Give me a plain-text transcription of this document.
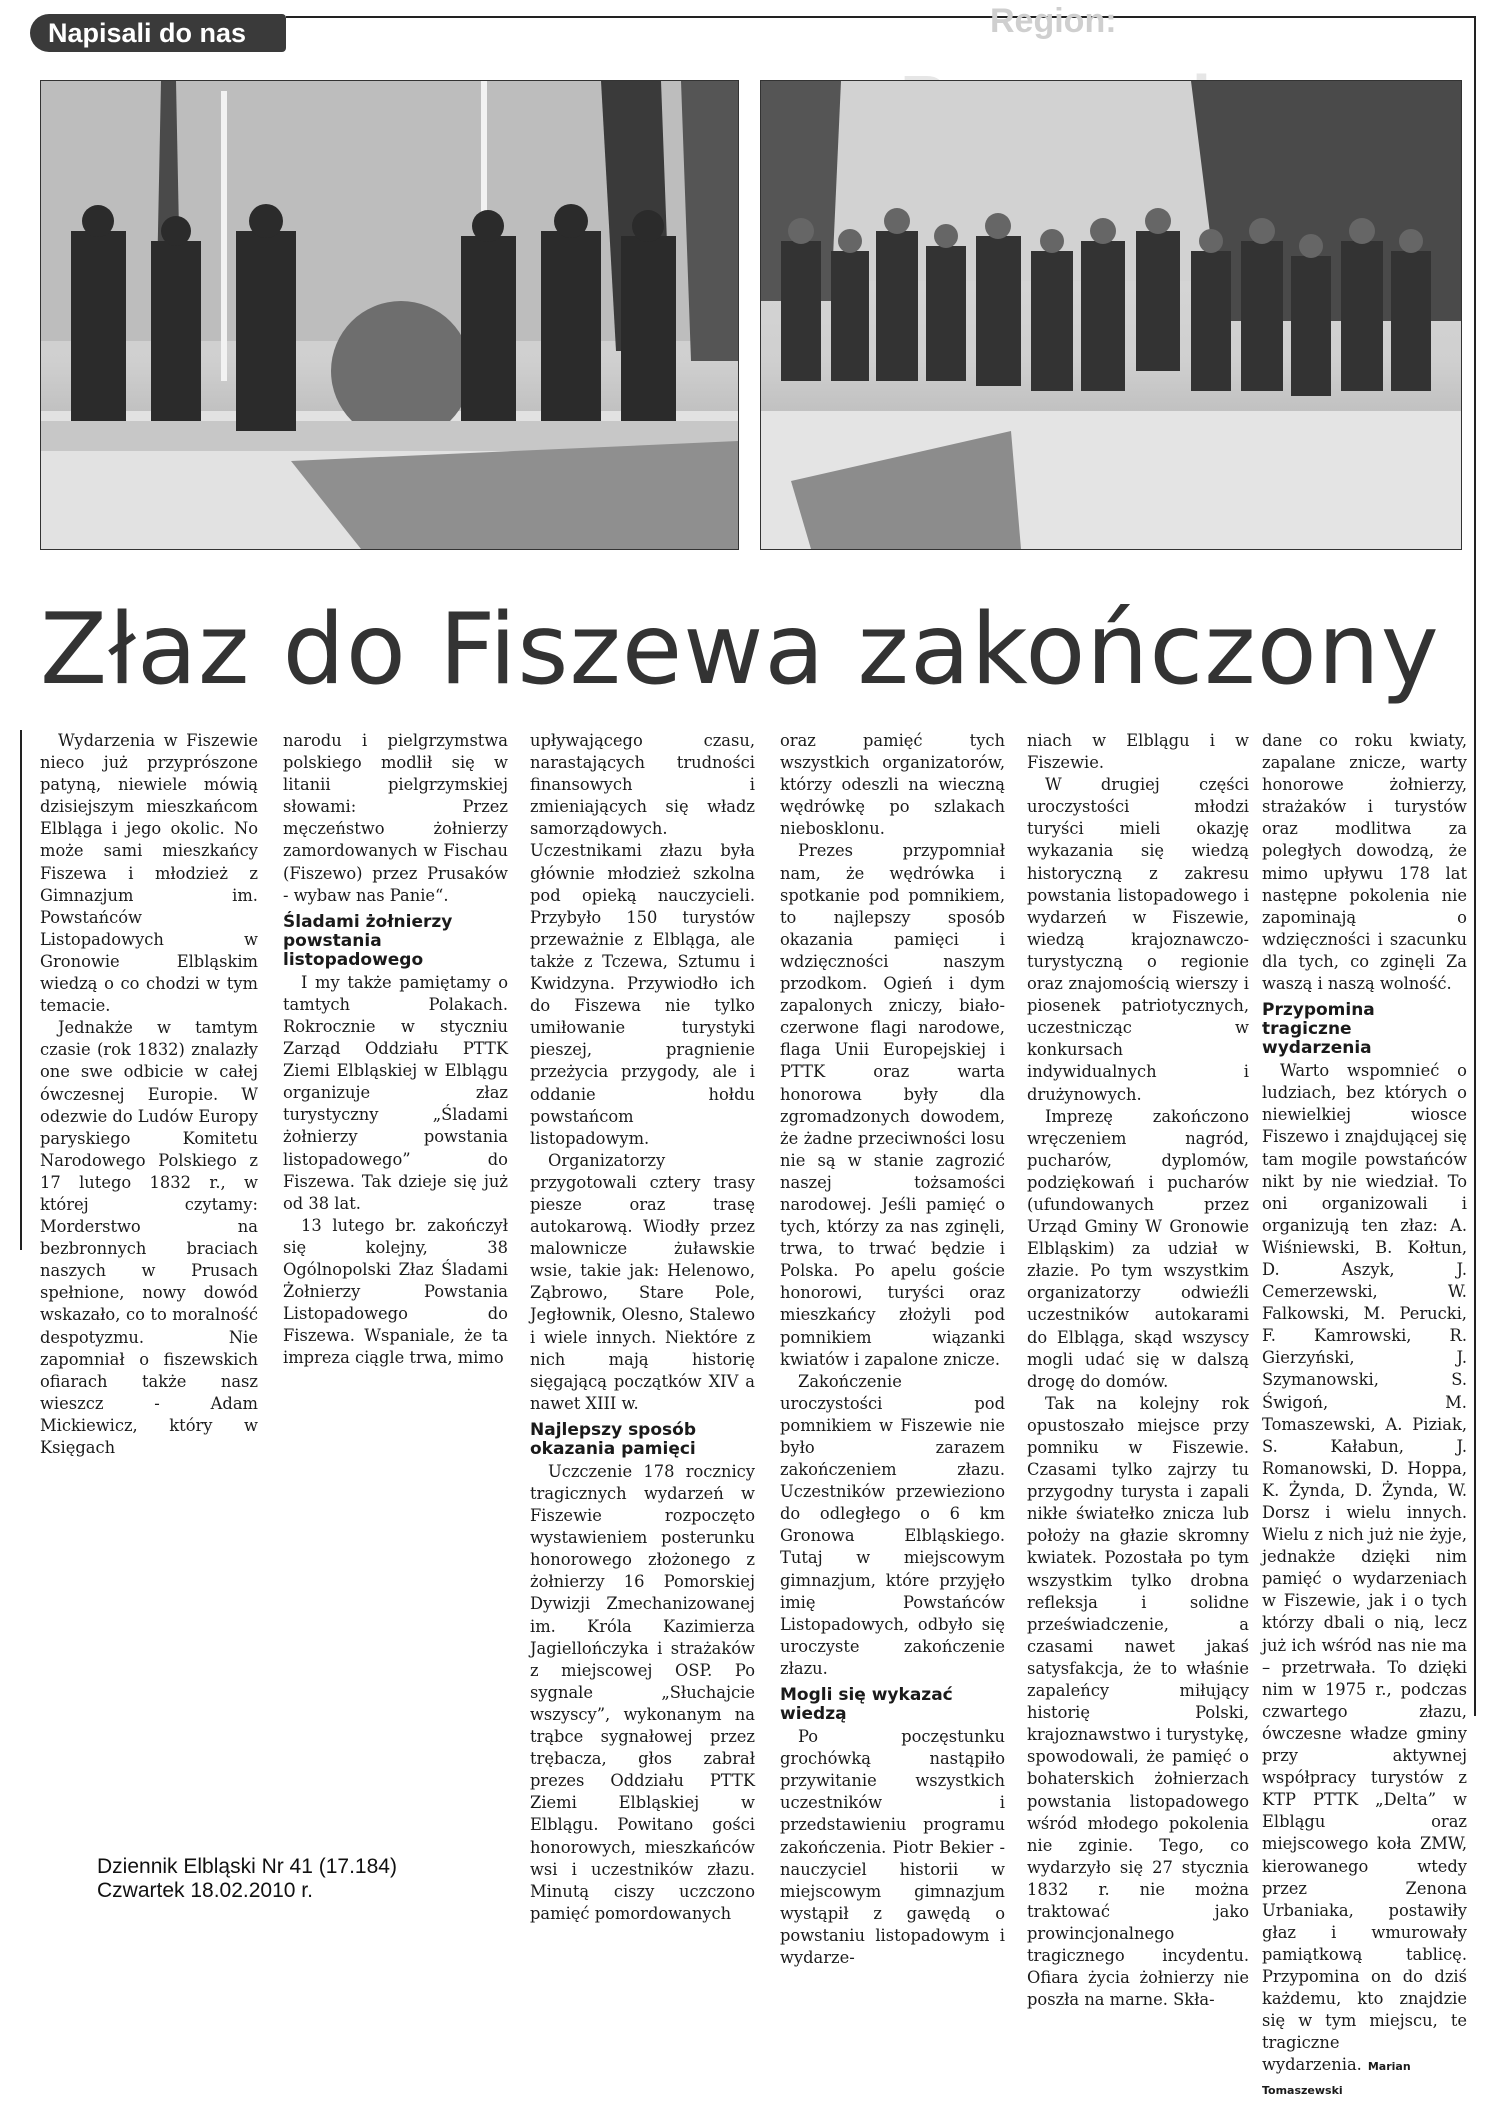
Region:
Napisali do nas
Złaz do Fiszewa zakończony

Wydarzenia w Fiszewie nieco już przyprószone patyną, niewiele mówią dzisiejszym mieszkańcom Elbląga i jego okolic. No może sami mieszkańcy Fiszewa i młodzież z Gimnazjum im. Powstańców Listopadowych w Gronowie Elbląskim wiedzą o co chodzi w tym temacie.

Jednakże w tamtym czasie (rok 1832) znalazły one swe odbicie w całej ówczesnej Europie. W odezwie do Ludów Europy paryskiego Komitetu Narodowego Polskiego z 17 lutego 1832 r., w której czytamy: Morderstwo na bezbronnych braciach naszych w Prusach spełnione, nowy dowód wskazało, co to moralność despotyzmu. Nie zapomniał o fiszewskich ofiarach także nasz wieszcz - Adam Mickiewicz, który w Księgach

narodu i pielgrzymstwa polskiego modlił się w litanii pielgrzymskiej słowami: Przez męczeństwo żołnierzy zamordowanych w Fischau (Fiszewo) przez Prusaków - wybaw nas Panie“.

Śladami żołnierzy powstania listopadowego

I my także pamiętamy o tamtych Polakach. Rokrocznie w styczniu Zarząd Oddziału PTTK Ziemi Elbląskiej w Elblągu organizuje złaz turystyczny „Śladami żołnierzy powstania listopadowego” do Fiszewa. Tak dzieje się już od 38 lat.

13 lutego br. zakończył się kolejny, 38 Ogólnopolski Złaz Śladami Żołnierzy Powstania Listopadowego do Fiszewa. Wspaniale, że ta impreza ciągle trwa, mimo

upływającego czasu, narastających trudności finansowych i zmieniających się władz samorządowych. Uczestnikami złazu była głównie młodzież szkolna pod opieką nauczycieli. Przybyło 150 turystów przeważnie z Elbląga, ale także z Tczewa, Sztumu i Kwidzyna. Przywiodło ich do Fiszewa nie tylko umiłowanie turystyki pieszej, pragnienie przeżycia przygody, ale i oddanie hołdu powstańcom listopadowym.

Organizatorzy przygotowali cztery trasy piesze oraz trasę autokarową. Wiodły przez malownicze żuławskie wsie, takie jak: Helenowo, Ząbrowo, Stare Pole, Jegłownik, Olesno, Stalewo i wiele innych. Niektóre z nich mają historię sięgającą początków XIV a nawet XIII w.

Najlepszy sposób okazania pamięci

Uczczenie 178 rocznicy tragicznych wydarzeń w Fiszewie rozpoczęto wystawieniem posterunku honorowego złożonego z żołnierzy 16 Pomorskiej Dywizji Zmechanizowanej im. Króla Kazimierza Jagiellończyka i strażaków z miejscowej OSP. Po sygnale „Słuchajcie wszyscy”, wykonanym na trąbce sygnałowej przez trębacza, głos zabrał prezes Oddziału PTTK Ziemi Elbląskiej w Elblągu. Powitano gości honorowych, mieszkańców wsi i uczestników złazu. Minutą ciszy uczczono pamięć pomordowanych

oraz pamięć tych wszystkich organizatorów, którzy odeszli na wieczną wędrówkę po szlakach niebosklonu.

Prezes przypomniał nam, że wędrówka i spotkanie pod pomnikiem, to najlepszy sposób okazania pamięci i wdzięczności naszym przodkom. Ogień i dym zapalonych zniczy, biało-czerwone flagi narodowe, flaga Unii Europejskiej i PTTK oraz warta honorowa były dla zgromadzonych dowodem, że żadne przeciwności losu nie są w stanie zagrozić naszej tożsamości narodowej. Jeśli pamięć o tych, którzy za nas zginęli, trwa, to trwać będzie i Polska. Po apelu goście honorowi, turyści oraz mieszkańcy złożyli pod pomnikiem wiązanki kwiatów i zapalone znicze.

Zakończenie uroczystości pod pomnikiem w Fiszewie nie było zarazem zakończeniem złazu. Uczestników przewieziono do odległego o 6 km Gronowa Elbląskiego. Tutaj w miejscowym gimnazjum, które przyjęło imię Powstańców Listopadowych, odbyło się uroczyste zakończenie złazu.

Mogli się wykazać wiedzą

Po poczęstunku grochówką nastąpiło przywitanie wszystkich uczestników i przedstawieniu programu zakończenia. Piotr Bekier - nauczyciel historii w miejscowym gimnazjum wystąpił z gawędą o powstaniu listopadowym i wydarze-

niach w Elblągu i w Fiszewie.

W drugiej części uroczystości młodzi turyści mieli okazję wykazania się wiedzą historyczną z zakresu powstania listopadowego i wydarzeń w Fiszewie, wiedzą krajoznawczo-turystyczną o regionie oraz znajomością wierszy i piosenek patriotycznych, uczestnicząc w konkursach indywidualnych i drużynowych.

Imprezę zakończono wręczeniem nagród, pucharów, dyplomów, podziękowań i pucharów (ufundowanych przez Urząd Gminy W Gronowie Elbląskim) za udział w złazie. Po tym wszystkim organizatorzy odwieźli uczestników autokarami do Elbląga, skąd wszyscy mogli udać się w dalszą drogę do domów.

Tak na kolejny rok opustoszało miejsce przy pomniku w Fiszewie. Czasami tylko zajrzy tu przygodny turysta i zapali nikłe światełko znicza lub położy na głazie skromny kwiatek. Pozostała po tym wszystkim tylko drobna refleksja i solidne przeświadczenie, a czasami nawet jakaś satysfakcja, że to właśnie zapaleńcy miłujący historię Polski, krajoznawstwo i turystykę, spowodowali, że pamięć o bohaterskich żołnierzach powstania listopadowego wśród młodego pokolenia nie zginie. Tego, co wydarzyło się 27 stycznia 1832 r. nie można traktować jako prowincjonalnego tragicznego incydentu. Ofiara życia żołnierzy nie poszła na marne. Skła-

dane co roku kwiaty, zapalane znicze, warty honorowe żołnierzy, strażaków i turystów oraz modlitwa za poległych dowodzą, że mimo upływu 178 lat następne pokolenia nie zapominają o wdzięczności i szacunku dla tych, co zginęli Za waszą i naszą wolność.

Przypomina tragiczne wydarzenia

Warto wspomnieć o ludziach, bez których o niewielkiej wiosce Fiszewo i znajdującej się tam mogile powstańców nikt by nie wiedział. To oni organizowali i organizują ten złaz: A. Wiśniewski, B. Kołtun, D. Aszyk, J. Cemerzewski, W. Falkowski, M. Perucki, F. Kamrowski, R. Gierzyński, J. Szymanowski, S. Świgoń, M. Tomaszewski, A. Piziak, S. Kałabun, J. Romanowski, D. Hoppa, K. Żynda, D. Żynda, W. Dorsz i wielu innych. Wielu z nich już nie żyje, jednakże dzięki nim pamięć o wydarzeniach w Fiszewie, jak i o tych którzy dbali o nią, lecz już ich wśród nas nie ma – przetrwała. To dzięki nim w 1975 r., podczas czwartego złazu, ówczesne władze gminy przy aktywnej współpracy turystów z KTP PTTK „Delta” w Elblągu oraz miejscowego koła ZMW, kierowanego wtedy przez Zenona Urbaniaka, postawiły głaz i wmurowały pamiątkową tablicę. Przypomina on do dziś każdemu, kto znajdzie się w tym miejscu, te tragiczne wydarzenia. Marian Tomaszewski

Dziennik Elbląski Nr 41 (17.184)
Czwartek 18.02.2010 r.
